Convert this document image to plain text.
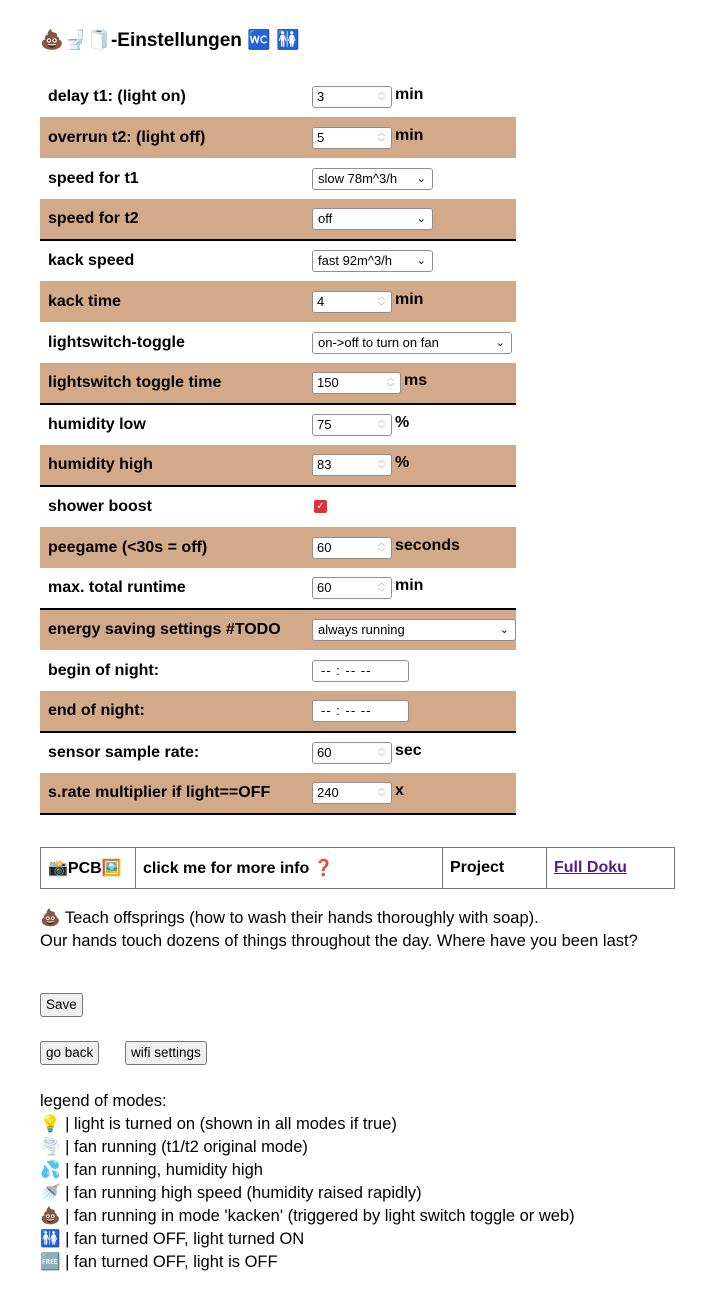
💩🚽🧻-Einstellungen 🚾 🚻
delay t1: (light on)	3 ︿
﹀ min
overrun t2: (light off)	5 ︿
﹀ min
speed for t1	slow 78m^3/h ⌄

speed for t2	off ⌄

kack speed	fast 92m^3/h ⌄

kack time	4 ︿
﹀ min
lightswitch-toggle	on->off to turn on fan ⌄

lightswitch toggle time	150 ︿
﹀ ms
humidity low	75 ︿
﹀ %
humidity high	83 ︿
﹀ %
shower boost	✓
peegame (<30s = off)	60 ︿
﹀ seconds
max. total runtime	60 ︿
﹀ min
energy saving settings #TODO	always running ⌄

begin of night:	-- : -- --
end of night:	-- : -- --
sensor sample rate:	60 ︿
﹀ sec
s.rate multiplier if light==OFF	240 ︿
﹀ x
📸PCB🖼️	click me for more info ❓	Project	Full Doku
💩 Teach offsprings (how to wash their hands thoroughly with soap).
Our hands touch dozens of things throughout the day. Where have you been last?
Save
go back	wifi settings
legend of modes:
💡 | light is turned on (shown in all modes if true)
🌪️ | fan running (t1/t2 original mode)
💦 | fan running, humidity high
🚿 | fan running high speed (humidity raised rapidly)
💩 | fan running in mode 'kacken' (triggered by light switch toggle or web)
🚻 | fan turned OFF, light turned ON
🆓 | fan turned OFF, light is OFF
